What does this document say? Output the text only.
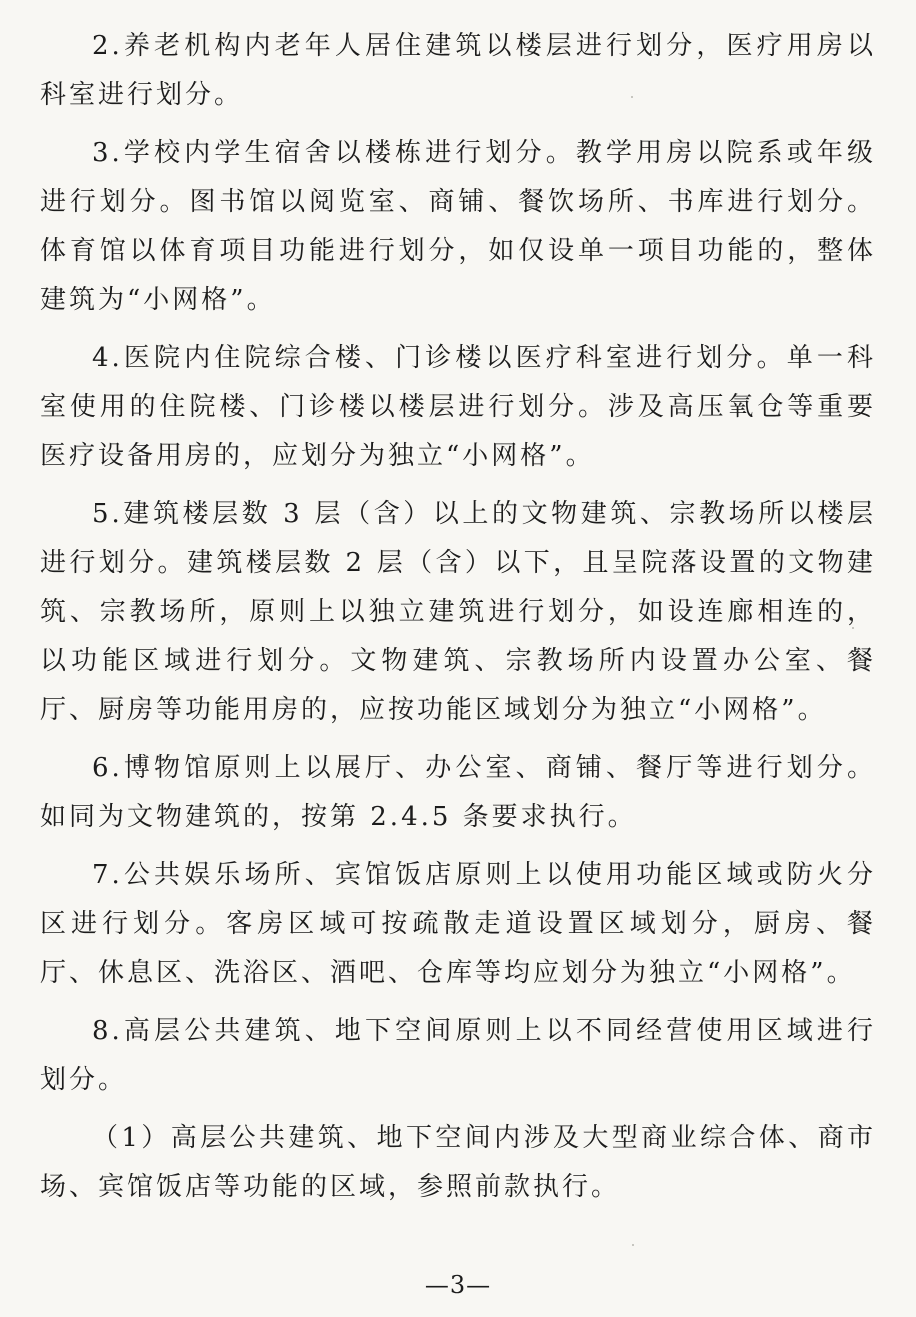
2.养老机构内老年人居住建筑以楼层进行划分，医疗用房以科室进行划分。

3.学校内学生宿舍以楼栋进行划分。教学用房以院系或年级进行划分。图书馆以阅览室、商铺、餐饮场所、书库进行划分。体育馆以体育项目功能进行划分，如仅设单一项目功能的，整体建筑为“小网格”。

4.医院内住院综合楼、门诊楼以医疗科室进行划分。单一科室使用的住院楼、门诊楼以楼层进行划分。涉及高压氧仓等重要医疗设备用房的，应划分为独立“小网格”。

5.建筑楼层数 3 层（含）以上的文物建筑、宗教场所以楼层进行划分。建筑楼层数 2 层（含）以下，且呈院落设置的文物建筑、宗教场所，原则上以独立建筑进行划分，如设连廊相连的，以功能区域进行划分。文物建筑、宗教场所内设置办公室、餐厅、厨房等功能用房的，应按功能区域划分为独立“小网格”。

6.博物馆原则上以展厅、办公室、商铺、餐厅等进行划分。如同为文物建筑的，按第 2.4.5 条要求执行。

7.公共娱乐场所、宾馆饭店原则上以使用功能区域或防火分区进行划分。客房区域可按疏散走道设置区域划分，厨房、餐厅、休息区、洗浴区、酒吧、仓库等均应划分为独立“小网格”。

8.高层公共建筑、地下空间原则上以不同经营使用区域进行划分。

（1）高层公共建筑、地下空间内涉及大型商业综合体、商市场、宾馆饭店等功能的区域，参照前款执行。

—3—
